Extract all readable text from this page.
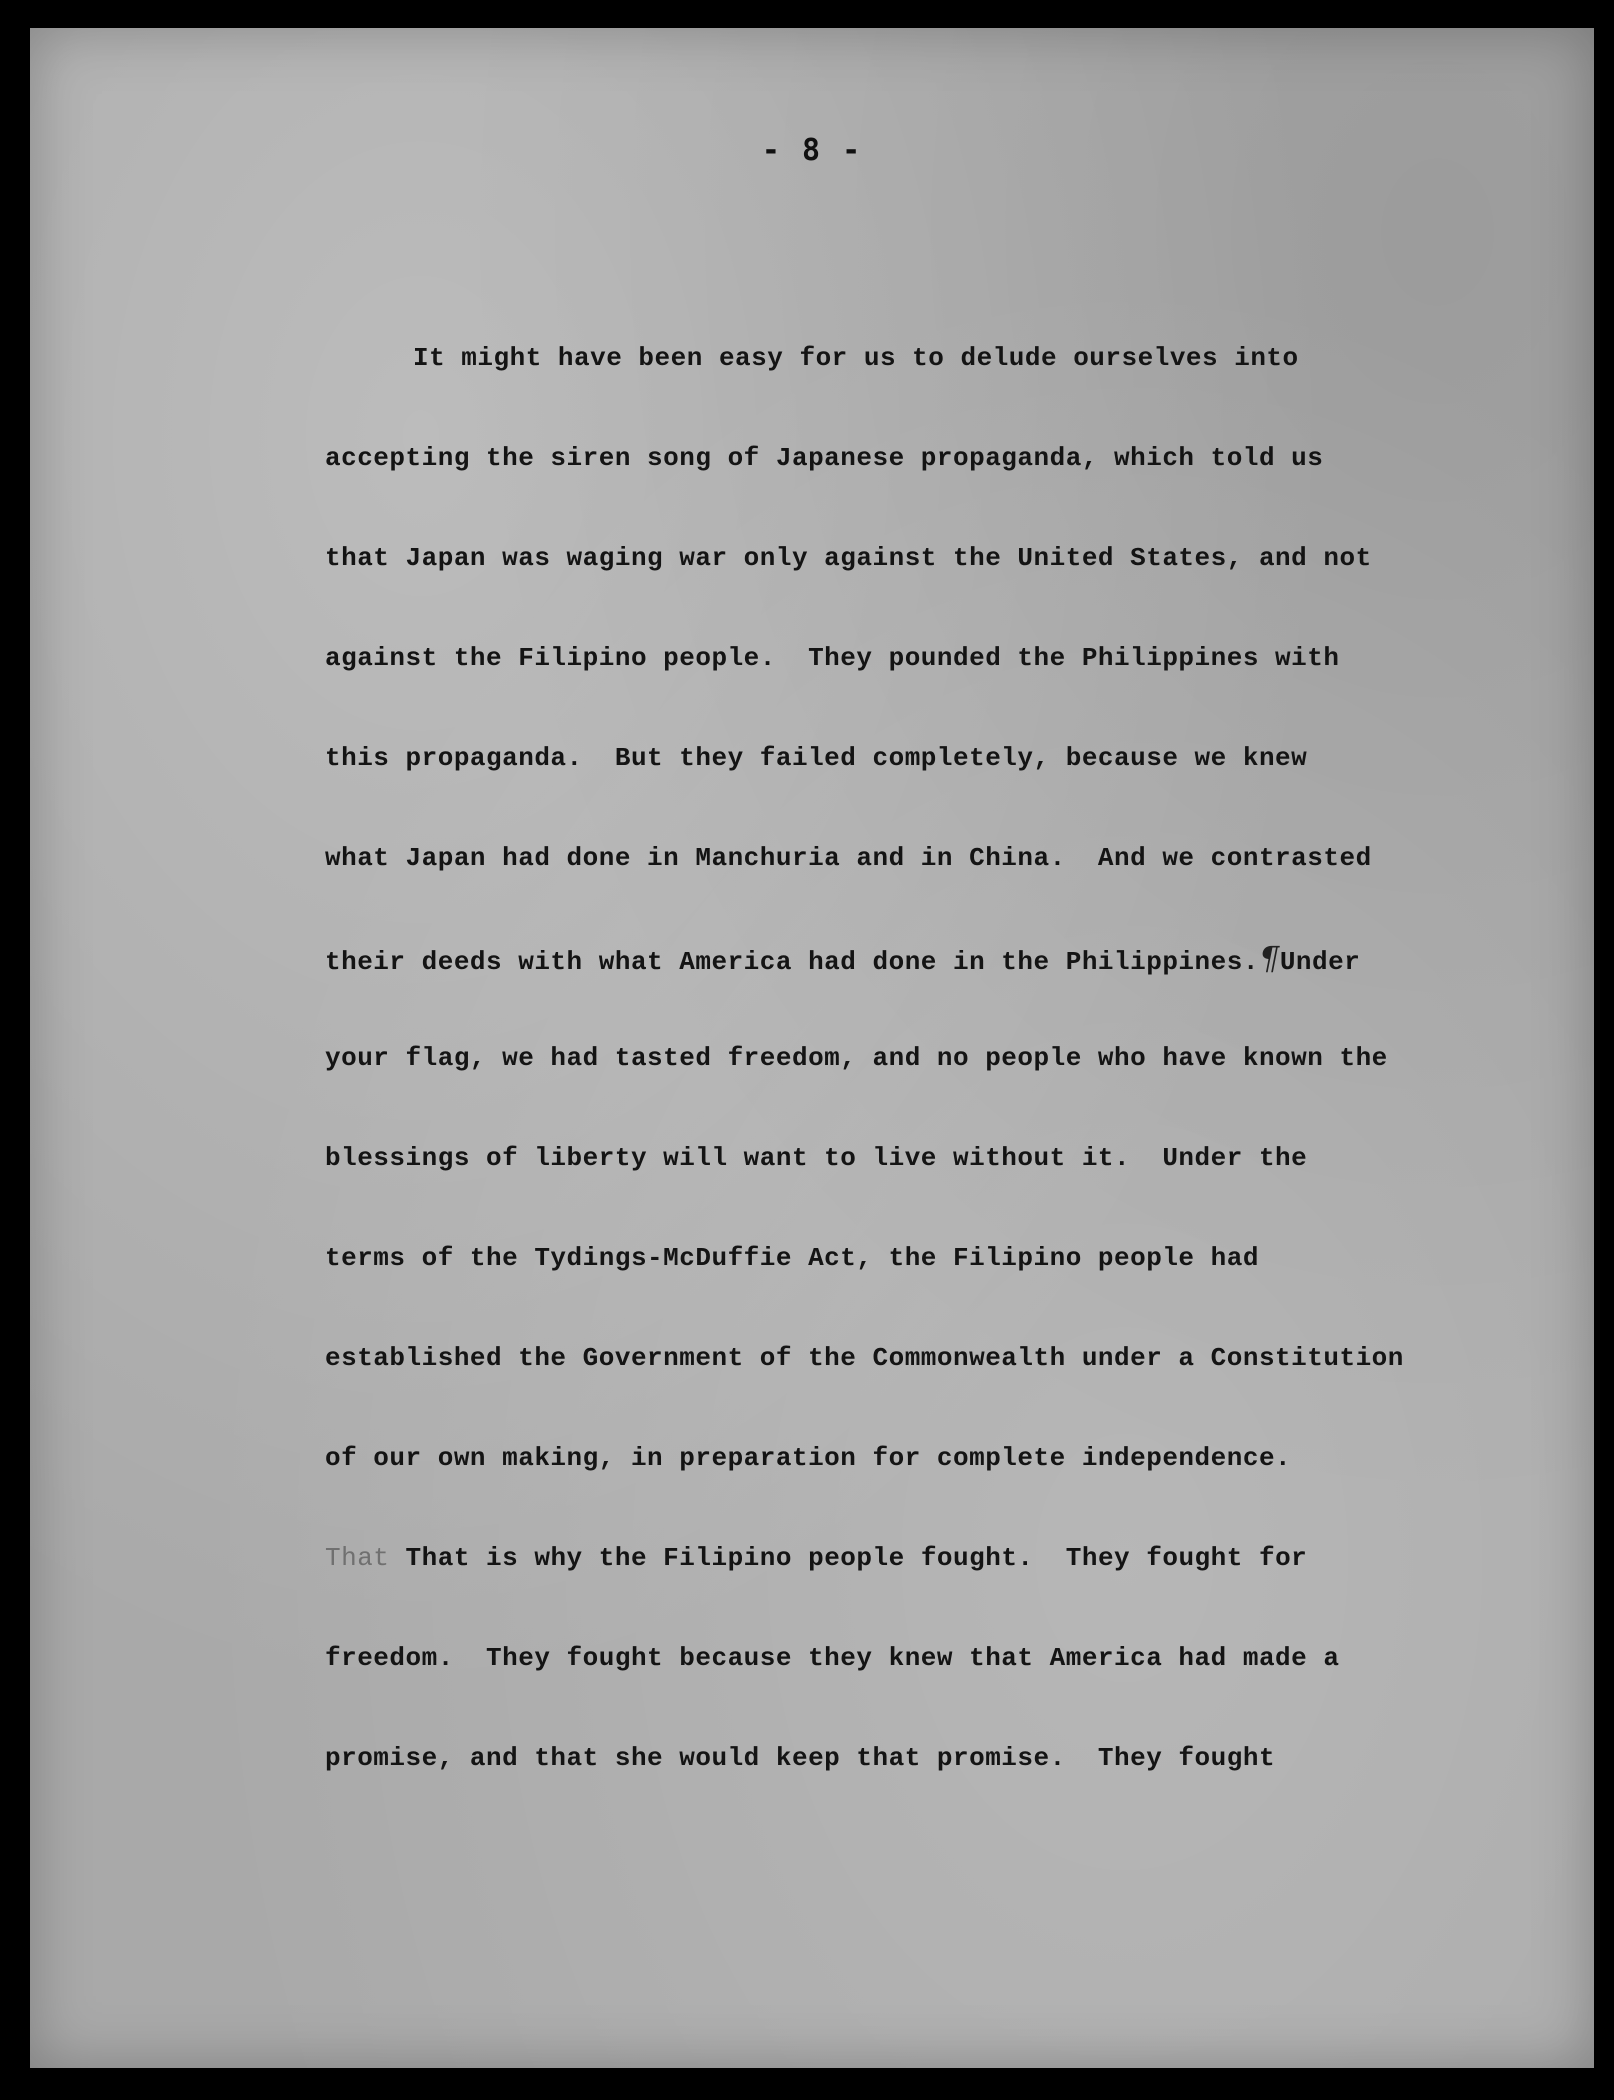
- 8 -
It might have been easy for us to delude ourselves into
accepting the siren song of Japanese propaganda, which told us
that Japan was waging war only against the United States, and not
against the Filipino people.  They pounded the Philippines with
this propaganda.  But they failed completely, because we knew
what Japan had done in Manchuria and in China.  And we contrasted
their deeds with what America had done in the Philippines.¶Under
your flag, we had tasted freedom, and no people who have known the
blessings of liberty will want to live without it.  Under the
terms of the Tydings-McDuffie Act, the Filipino people had
established the Government of the Commonwealth under a Constitution
of our own making, in preparation for complete independence.
That That is why the Filipino people fought.  They fought for
freedom.  They fought because they knew that America had made a
promise, and that she would keep that promise.  They fought
